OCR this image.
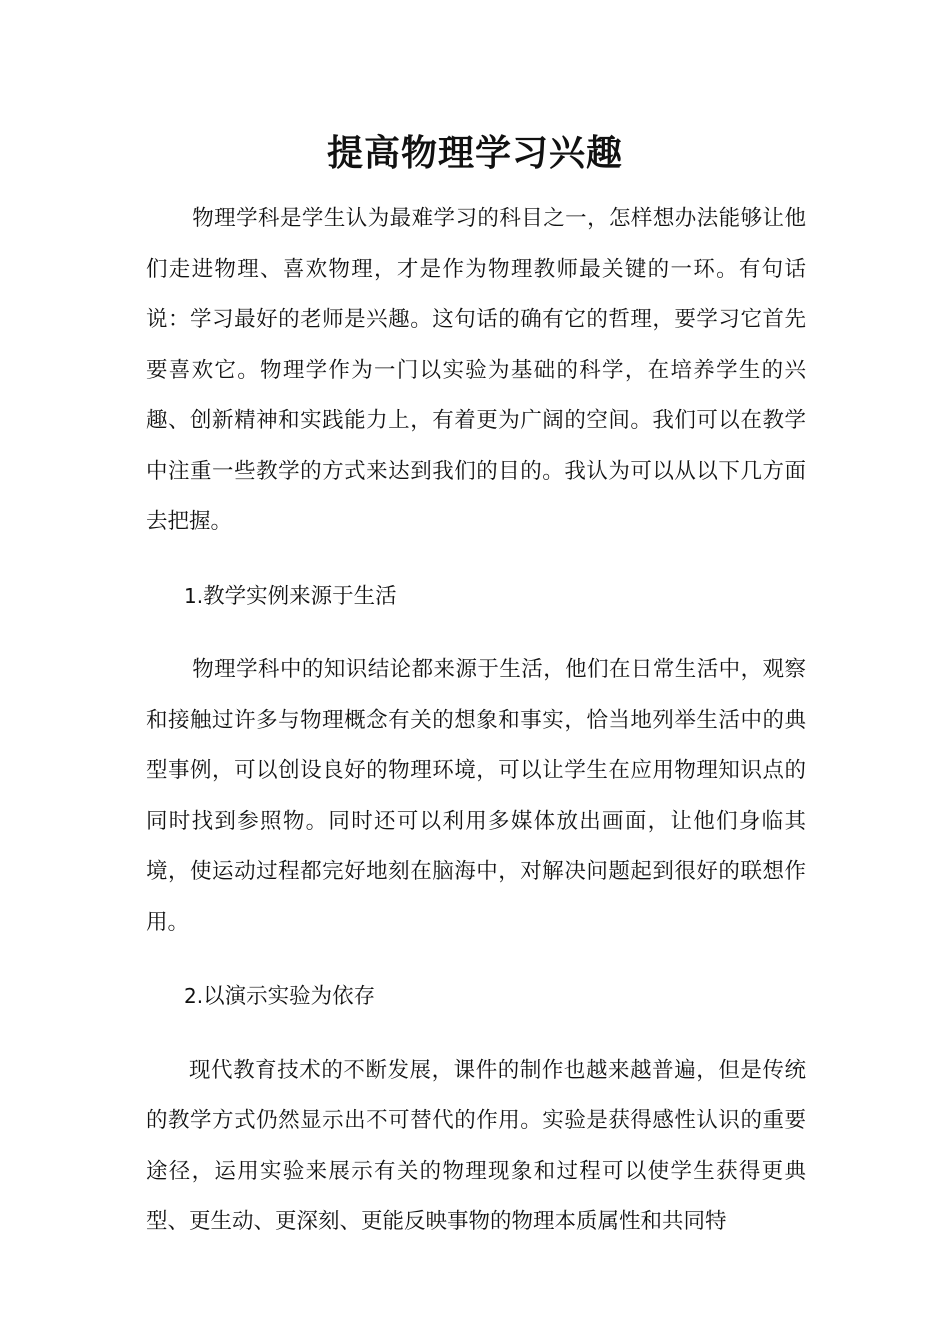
提高物理学习兴趣

物理学科是学生认为最难学习的科目之一，怎样想办法能够让他们走进物理、喜欢物理，才是作为物理教师最关键的一环。有句话说：学习最好的老师是兴趣。这句话的确有它的哲理，要学习它首先要喜欢它。物理学作为一门以实验为基础的科学，在培养学生的兴趣、创新精神和实践能力上，有着更为广阔的空间。我们可以在教学中注重一些教学的方式来达到我们的目的。我认为可以从以下几方面去把握。

1.教学实例来源于生活

物理学科中的知识结论都来源于生活，他们在日常生活中，观察和接触过许多与物理概念有关的想象和事实，恰当地列举生活中的典型事例，可以创设良好的物理环境，可以让学生在应用物理知识点的同时找到参照物。同时还可以利用多媒体放出画面，让他们身临其境，使运动过程都完好地刻在脑海中，对解决问题起到很好的联想作用。

2.以演示实验为依存

现代教育技术的不断发展，课件的制作也越来越普遍，但是传统的教学方式仍然显示出不可替代的作用。实验是获得感性认识的重要途径，运用实验来展示有关的物理现象和过程可以使学生获得更典型、更生动、更深刻、更能反映事物的物理本质属性和共同特
